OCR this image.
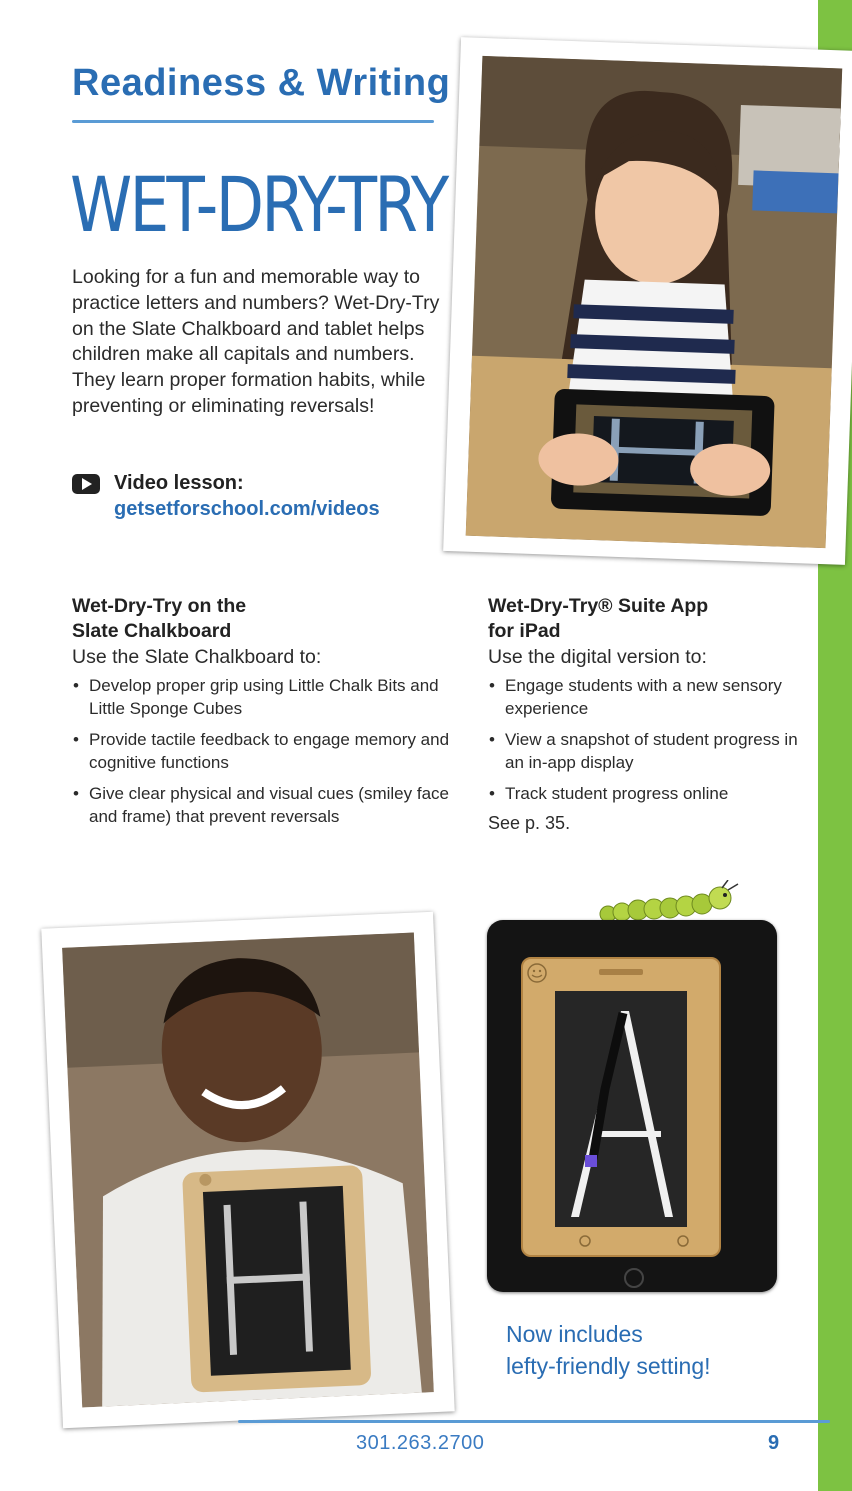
Readiness & Writing
WET-DRY-TRY

Looking for a fun and memorable way to practice letters and numbers? Wet-Dry-Try on the Slate Chalkboard and tablet helps children make all capitals and numbers. They learn proper formation habits, while preventing or eliminating reversals!

Video lesson:
getsetforschool.com/videos

Wet-Dry-Try on the

Slate Chalkboard

Use the Slate Chalkboard to:

• Develop proper grip using Little Chalk Bits and Little Sponge Cubes
• Provide tactile feedback to engage memory and cognitive functions
• Give clear physical and visual cues (smiley face and frame) that prevent reversals

Wet-Dry-Try® Suite App

for iPad

Use the digital version to:

• Engage students with a new sensory experience
• View a snapshot of student progress in an in-app display
• Track student progress online
See p. 35.

Now includes
lefty-friendly setting!

301.263.2700	9
